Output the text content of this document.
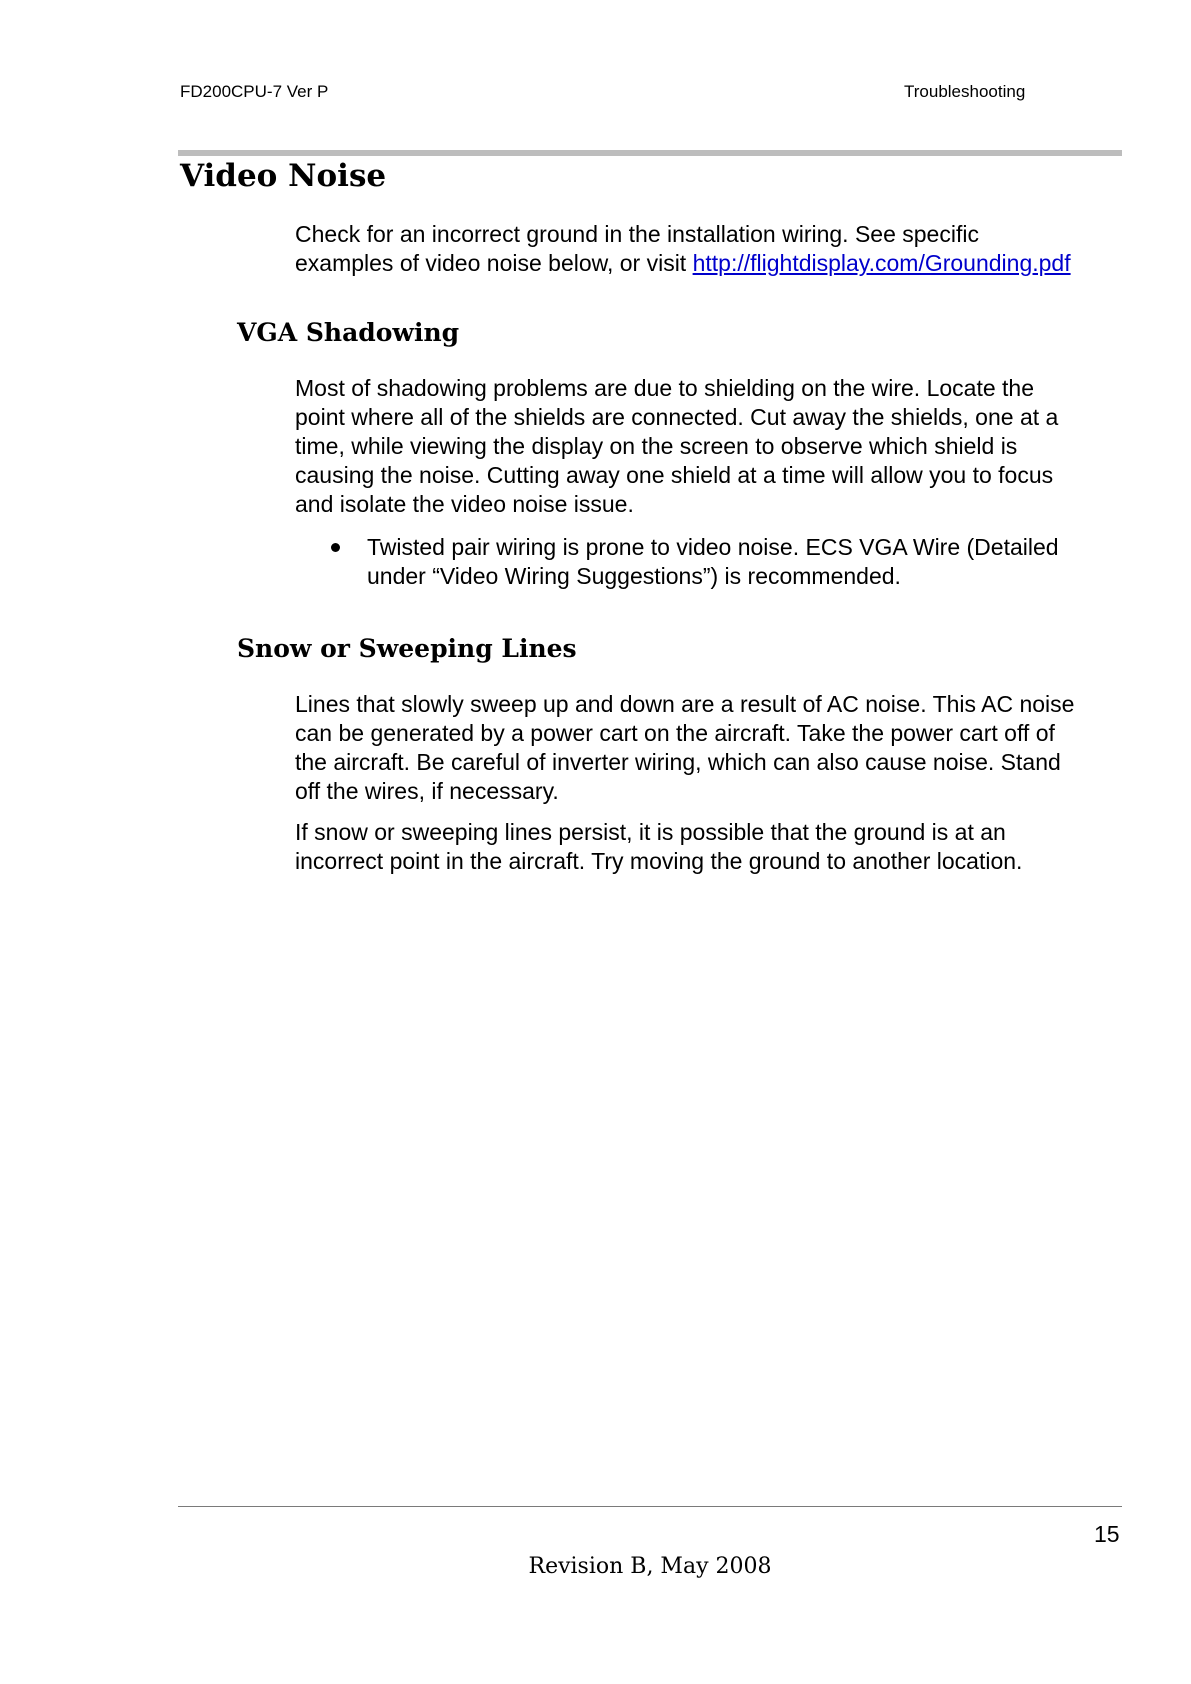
FD200CPU-7 Ver P	Troubleshooting
Video Noise
Check for an incorrect ground in the installation wiring. See specific
examples of video noise below, or visit http://flightdisplay.com/Grounding.pdf
VGA Shadowing
Most of shadowing problems are due to shielding on the wire. Locate the
point where all of the shields are connected. Cut away the shields, one at a
time, while viewing the display on the screen to observe which shield is
causing the noise. Cutting away one shield at a time will allow you to focus
and isolate the video noise issue.
Twisted pair wiring is prone to video noise. ECS VGA Wire (Detailed
under “Video Wiring Suggestions”) is recommended.
Snow or Sweeping Lines
Lines that slowly sweep up and down are a result of AC noise. This AC noise
can be generated by a power cart on the aircraft. Take the power cart off of
the aircraft. Be careful of inverter wiring, which can also cause noise. Stand
off the wires, if necessary.
If snow or sweeping lines persist, it is possible that the ground is at an
incorrect point in the aircraft. Try moving the ground to another location.
15
Revision B, May 2008
